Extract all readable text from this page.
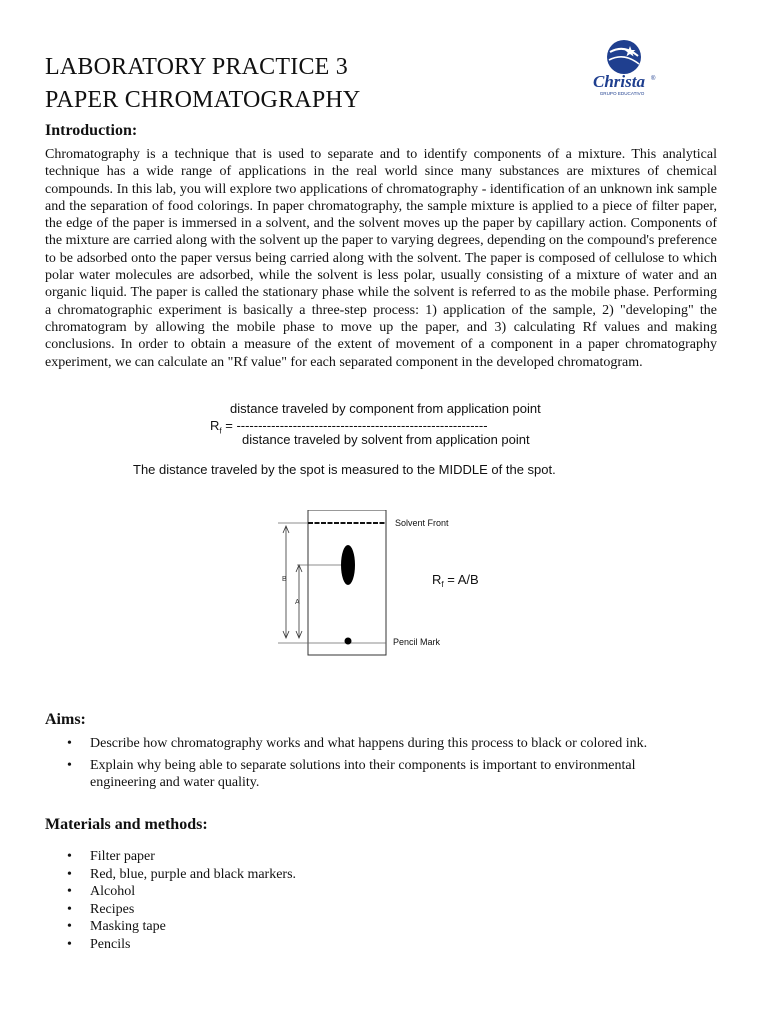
LABORATORY PRACTICE 3
PAPER CHROMATOGRAPHY
Christa ®
GRUPO EDUCATIVO
Introduction:
Chromatography is a technique that is used to separate and to identify components of a mixture. This analytical technique has a wide range of applications in the real world since many substances are mixtures of chemical compounds. In this lab, you will explore two applications of chromatography - identification of an unknown ink sample and the separation of food colorings. In paper chromatography, the sample mixture is applied to a piece of filter paper, the edge of the paper is immersed in a solvent, and the solvent moves up the paper by capillary action. Components of the mixture are carried along with the solvent up the paper to varying degrees, depending on the compound's preference to be adsorbed onto the paper versus being carried along with the solvent. The paper is composed of cellulose to which polar water molecules are adsorbed, while the solvent is less polar, usually consisting of a mixture of water and an organic liquid. The paper is called the stationary phase while the solvent is referred to as the mobile phase. Performing a chromatographic experiment is basically a three-step process: 1) application of the sample, 2) "developing" the chromatogram by allowing the mobile phase to move up the paper, and 3) calculating Rf values and making conclusions. In order to obtain a measure of the extent of movement of a component in a paper chromatography experiment, we can calculate an "Rf value" for each separated component in the developed chromatogram.
distance traveled by component from application point
$R_f$ = ----------------------------------------------------------
distance traveled by solvent from application point
The distance traveled by the spot is measured to the MIDDLE of the spot.
B
A
Solvent Front
Pencil Mark
$R_f = A/B$
Aims:
• Describe how chromatography works and what happens during this process to black or colored ink.
• Explain why being able to separate solutions into their components is important to environmental engineering and water quality.
Materials and methods:
• Filter paper
• Red, blue, purple and black markers.
• Alcohol
• Recipes
• Masking tape
• Pencils
